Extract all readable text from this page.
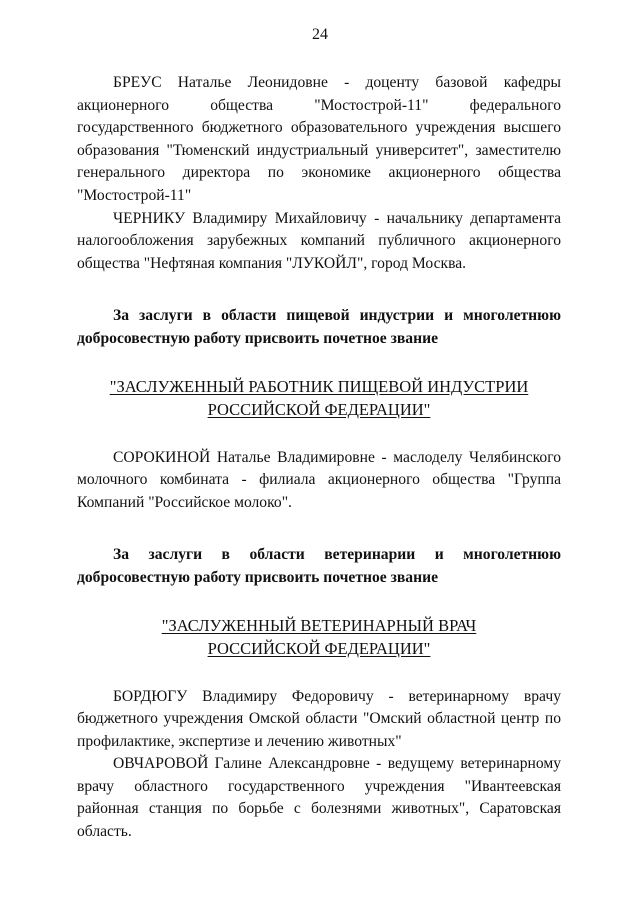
24

БРЕУС Наталье Леонидовне - доценту базовой кафедры акционерного общества "Мостострой-11" федерального государственного бюджетного образовательного учреждения высшего образования "Тюменский индустриальный университет", заместителю генерального директора по экономике акционерного общества "Мостострой-11"

ЧЕРНИКУ Владимиру Михайловичу - начальнику департамента налогообложения зарубежных компаний публичного акционерного общества "Нефтяная компания "ЛУКОЙЛ", город Москва.

За заслуги в области пищевой индустрии и многолетнюю добросовестную работу присвоить почетное звание

"ЗАСЛУЖЕННЫЙ РАБОТНИК ПИЩЕВОЙ ИНДУСТРИИ
РОССИЙСКОЙ ФЕДЕРАЦИИ"

СОРОКИНОЙ Наталье Владимировне - маслоделу Челябинского молочного комбината - филиала акционерного общества "Группа Компаний "Российское молоко".

За заслуги в области ветеринарии и многолетнюю добросовестную работу присвоить почетное звание

"ЗАСЛУЖЕННЫЙ ВЕТЕРИНАРНЫЙ ВРАЧ
РОССИЙСКОЙ ФЕДЕРАЦИИ"

БОРДЮГУ Владимиру Федоровичу - ветеринарному врачу бюджетного учреждения Омской области "Омский областной центр по профилактике, экспертизе и лечению животных"

ОВЧАРОВОЙ Галине Александровне - ведущему ветеринарному врачу областного государственного учреждения "Ивантеевская районная станция по борьбе с болезнями животных", Саратовская область.
